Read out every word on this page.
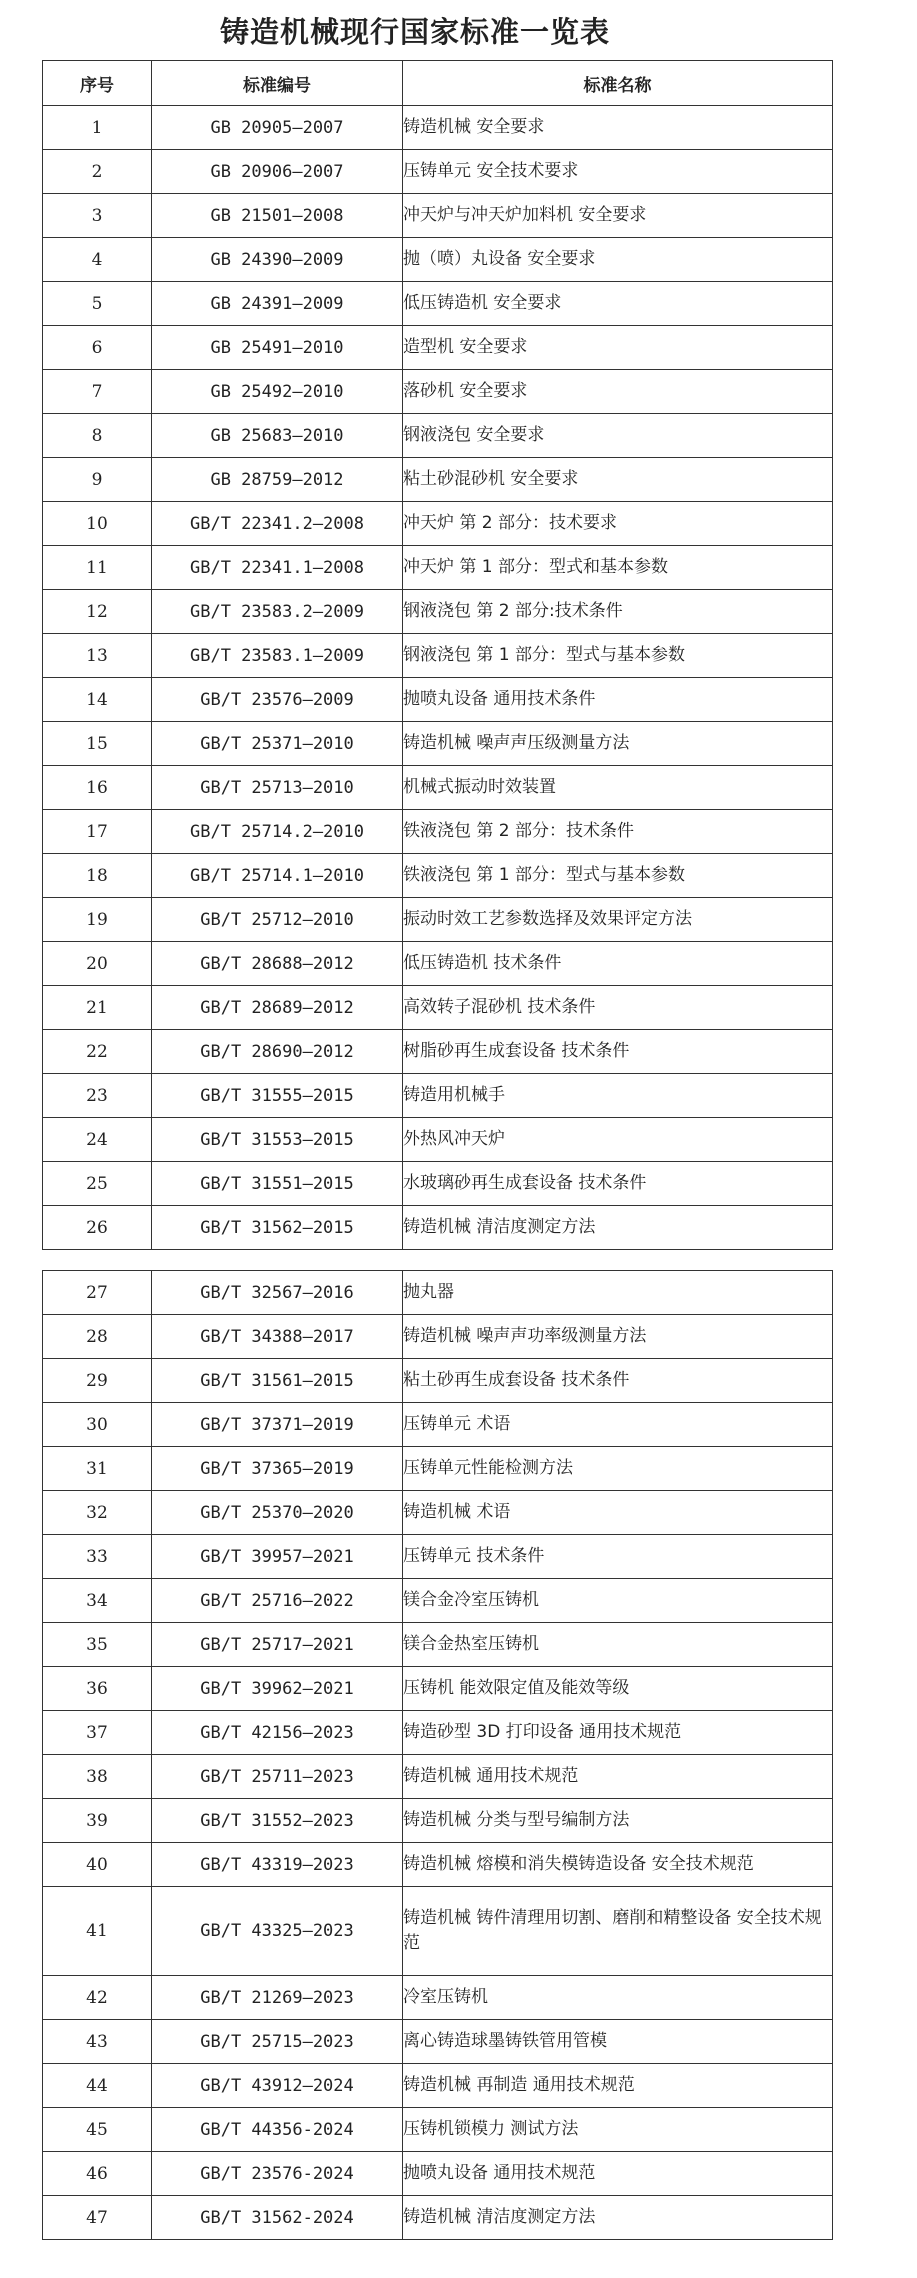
铸造机械现行国家标准一览表
序号	标准编号	标准名称
1	GB 20905—2007	铸造机械 安全要求
2	GB 20906—2007	压铸单元 安全技术要求
3	GB 21501—2008	冲天炉与冲天炉加料机 安全要求
4	GB 24390—2009	抛（喷）丸设备 安全要求
5	GB 24391—2009	低压铸造机 安全要求
6	GB 25491—2010	造型机 安全要求
7	GB 25492—2010	落砂机 安全要求
8	GB 25683—2010	钢液浇包 安全要求
9	GB 28759—2012	粘土砂混砂机 安全要求
10	GB/T 22341.2—2008	冲天炉 第 2 部分：技术要求
11	GB/T 22341.1—2008	冲天炉 第 1 部分：型式和基本参数
12	GB/T 23583.2—2009	钢液浇包 第 2 部分:技术条件
13	GB/T 23583.1—2009	钢液浇包 第 1 部分：型式与基本参数
14	GB/T 23576—2009	抛喷丸设备 通用技术条件
15	GB/T 25371—2010	铸造机械 噪声声压级测量方法
16	GB/T 25713—2010	机械式振动时效装置
17	GB/T 25714.2—2010	铁液浇包 第 2 部分：技术条件
18	GB/T 25714.1—2010	铁液浇包 第 1 部分：型式与基本参数
19	GB/T 25712—2010	振动时效工艺参数选择及效果评定方法
20	GB/T 28688—2012	低压铸造机 技术条件
21	GB/T 28689—2012	高效转子混砂机 技术条件
22	GB/T 28690—2012	树脂砂再生成套设备 技术条件
23	GB/T 31555—2015	铸造用机械手
24	GB/T 31553—2015	外热风冲天炉
25	GB/T 31551—2015	水玻璃砂再生成套设备 技术条件
26	GB/T 31562—2015	铸造机械 清洁度测定方法
27	GB/T 32567—2016	抛丸器
28	GB/T 34388—2017	铸造机械 噪声声功率级测量方法
29	GB/T 31561—2015	粘土砂再生成套设备 技术条件
30	GB/T 37371—2019	压铸单元 术语
31	GB/T 37365—2019	压铸单元性能检测方法
32	GB/T 25370—2020	铸造机械 术语
33	GB/T 39957—2021	压铸单元 技术条件
34	GB/T 25716—2022	镁合金冷室压铸机
35	GB/T 25717—2021	镁合金热室压铸机
36	GB/T 39962—2021	压铸机 能效限定值及能效等级
37	GB/T 42156—2023	铸造砂型 3D 打印设备 通用技术规范
38	GB/T 25711—2023	铸造机械 通用技术规范
39	GB/T 31552—2023	铸造机械 分类与型号编制方法
40	GB/T 43319—2023	铸造机械 熔模和消失模铸造设备 安全技术规范
41	GB/T 43325—2023	铸造机械 铸件清理用切割、磨削和精整设备 安全技术规范
42	GB/T 21269—2023	冷室压铸机
43	GB/T 25715—2023	离心铸造球墨铸铁管用管模
44	GB/T 43912—2024	铸造机械 再制造 通用技术规范
45	GB/T 44356-2024	压铸机锁模力 测试方法
46	GB/T 23576-2024	抛喷丸设备 通用技术规范
47	GB/T 31562-2024	铸造机械 清洁度测定方法
